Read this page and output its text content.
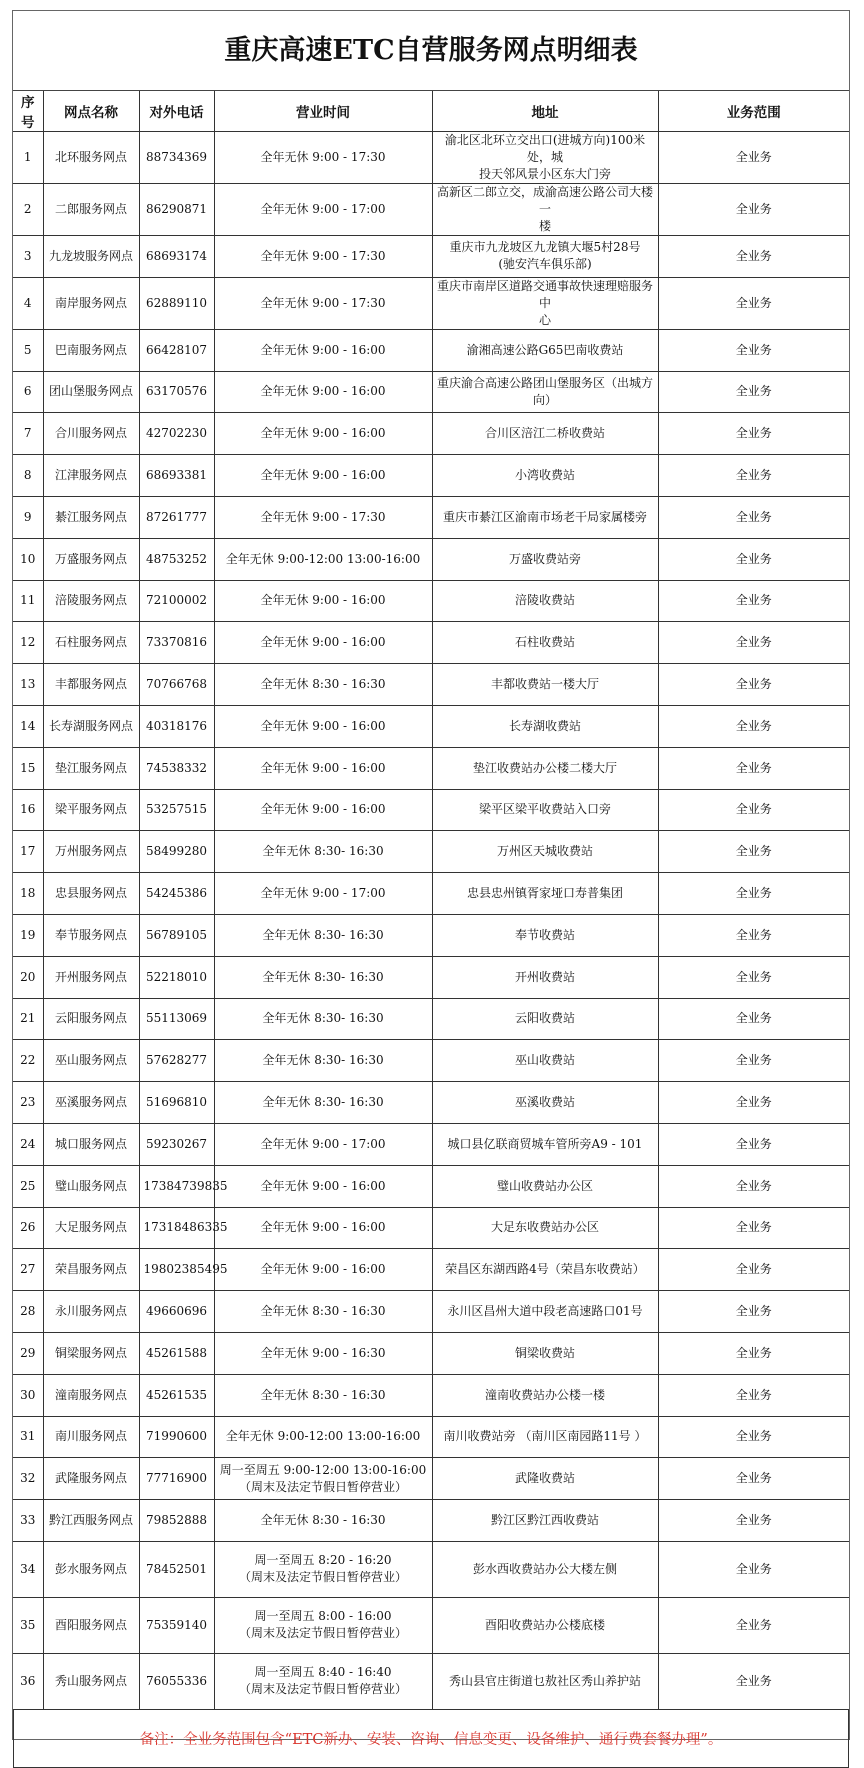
重庆高速ETC自营服务网点明细表
序号	网点名称	对外电话	营业时间	地址	业务范围
1	北环服务网点	88734369	全年无休 9:00 - 17:30	渝北区北环立交出口(进城方向)100米处，城
投天邻风景小区东大门旁	全业务
2	二郎服务网点	86290871	全年无休 9:00 - 17:00	高新区二郎立交，成渝高速公路公司大楼一
楼	全业务
3	九龙坡服务网点	68693174	全年无休 9:00 - 17:30	重庆市九龙坡区九龙镇大堰5村28号
(驰安汽车俱乐部)	全业务
4	南岸服务网点	62889110	全年无休 9:00 - 17:30	重庆市南岸区道路交通事故快速理赔服务中
心	全业务
5	巴南服务网点	66428107	全年无休 9:00 - 16:00	渝湘高速公路G65巴南收费站	全业务
6	团山堡服务网点	63170576	全年无休 9:00 - 16:00	重庆渝合高速公路团山堡服务区（出城方
向）	全业务
7	合川服务网点	42702230	全年无休 9:00 - 16:00	合川区涪江二桥收费站	全业务
8	江津服务网点	68693381	全年无休 9:00 - 16:00	小湾收费站	全业务
9	綦江服务网点	87261777	全年无休 9:00 - 17:30	重庆市綦江区渝南市场老干局家属楼旁	全业务
10	万盛服务网点	48753252	全年无休 9:00-12:00 13:00-16:00	万盛收费站旁	全业务
11	涪陵服务网点	72100002	全年无休 9:00 - 16:00	涪陵收费站	全业务
12	石柱服务网点	73370816	全年无休 9:00 - 16:00	石柱收费站	全业务
13	丰都服务网点	70766768	全年无休 8:30 - 16:30	丰都收费站一楼大厅	全业务
14	长寿湖服务网点	40318176	全年无休 9:00 - 16:00	长寿湖收费站	全业务
15	垫江服务网点	74538332	全年无休 9:00 - 16:00	垫江收费站办公楼二楼大厅	全业务
16	梁平服务网点	53257515	全年无休 9:00 - 16:00	梁平区梁平收费站入口旁	全业务
17	万州服务网点	58499280	全年无休 8:30- 16:30	万州区天城收费站	全业务
18	忠县服务网点	54245386	全年无休 9:00 - 17:00	忠县忠州镇胥家垭口寿普集团	全业务
19	奉节服务网点	56789105	全年无休 8:30- 16:30	奉节收费站	全业务
20	开州服务网点	52218010	全年无休 8:30- 16:30	开州收费站	全业务
21	云阳服务网点	55113069	全年无休 8:30- 16:30	云阳收费站	全业务
22	巫山服务网点	57628277	全年无休 8:30- 16:30	巫山收费站	全业务
23	巫溪服务网点	51696810	全年无休 8:30- 16:30	巫溪收费站	全业务
24	城口服务网点	59230267	全年无休 9:00 - 17:00	城口县亿联商贸城车管所旁A9 - 101	全业务
25	璧山服务网点	17384739835	全年无休 9:00 - 16:00	璧山收费站办公区	全业务
26	大足服务网点	17318486335	全年无休 9:00 - 16:00	大足东收费站办公区	全业务
27	荣昌服务网点	19802385495	全年无休 9:00 - 16:00	荣昌区东湖西路4号（荣昌东收费站）	全业务
28	永川服务网点	49660696	全年无休 8:30 - 16:30	永川区昌州大道中段老高速路口01号	全业务
29	铜梁服务网点	45261588	全年无休 9:00 - 16:30	铜梁收费站	全业务
30	潼南服务网点	45261535	全年无休 8:30 - 16:30	潼南收费站办公楼一楼	全业务
31	南川服务网点	71990600	全年无休 9:00-12:00 13:00-16:00	南川收费站旁 （南川区南园路11号 ）	全业务
32	武隆服务网点	77716900	周一至周五 9:00-12:00 13:00-16:00
（周末及法定节假日暂停营业）	武隆收费站	全业务
33	黔江西服务网点	79852888	全年无休 8:30 - 16:30	黔江区黔江西收费站	全业务
34	彭水服务网点	78452501	周一至周五 8:20 - 16:20
（周末及法定节假日暂停营业）	彭水西收费站办公大楼左侧	全业务
35	酉阳服务网点	75359140	周一至周五 8:00 - 16:00
（周末及法定节假日暂停营业）	酉阳收费站办公楼底楼	全业务
36	秀山服务网点	76055336	周一至周五 8:40 - 16:40
（周末及法定节假日暂停营业）	秀山县官庄街道乜敖社区秀山养护站	全业务
备注：全业务范围包含“ETC新办、安装、咨询、信息变更、设备维护、通行费套餐办理”。
